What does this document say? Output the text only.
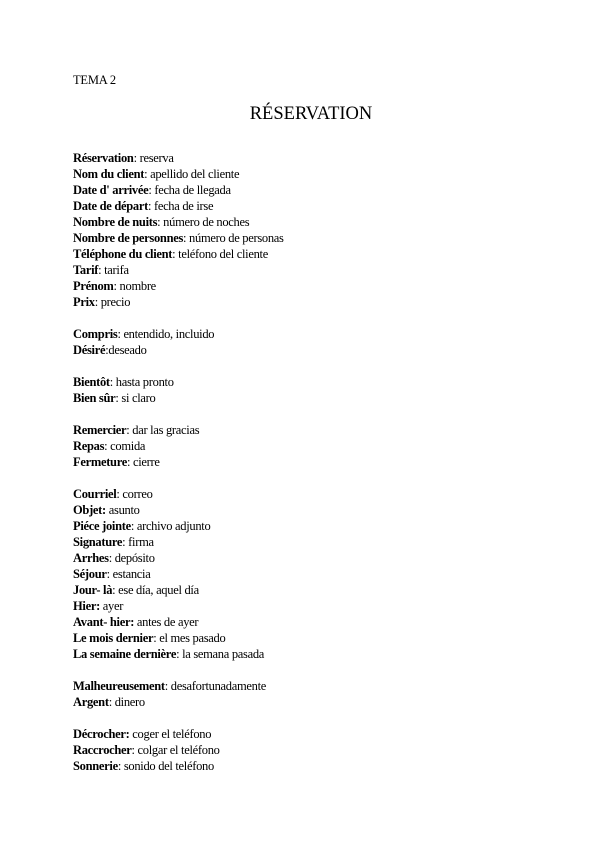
TEMA 2
RÉSERVATION
Réservation: reserva
Nom du client: apellido del cliente
Date d' arrivée: fecha de llegada
Date de départ: fecha de irse
Nombre de nuits: número de noches
Nombre de personnes: número de personas
Téléphone du client: teléfono del cliente
Tarif: tarifa
Prénom: nombre
Prix: precio
Compris: entendido, incluido
Désiré:deseado
Bientôt: hasta pronto
Bien sûr: si claro
Remercier: dar las gracias
Repas: comida
Fermeture: cierre
Courriel: correo
Objet: asunto
Piéce jointe: archivo adjunto
Signature: firma
Arrhes: depósito
Séjour: estancia
Jour- là: ese día, aquel día
Hier: ayer
Avant- hier: antes de ayer
Le mois dernier: el mes pasado
La semaine dernière: la semana pasada
Malheureusement: desafortunadamente
Argent: dinero
Décrocher: coger el teléfono
Raccrocher: colgar el teléfono
Sonnerie: sonido del teléfono
